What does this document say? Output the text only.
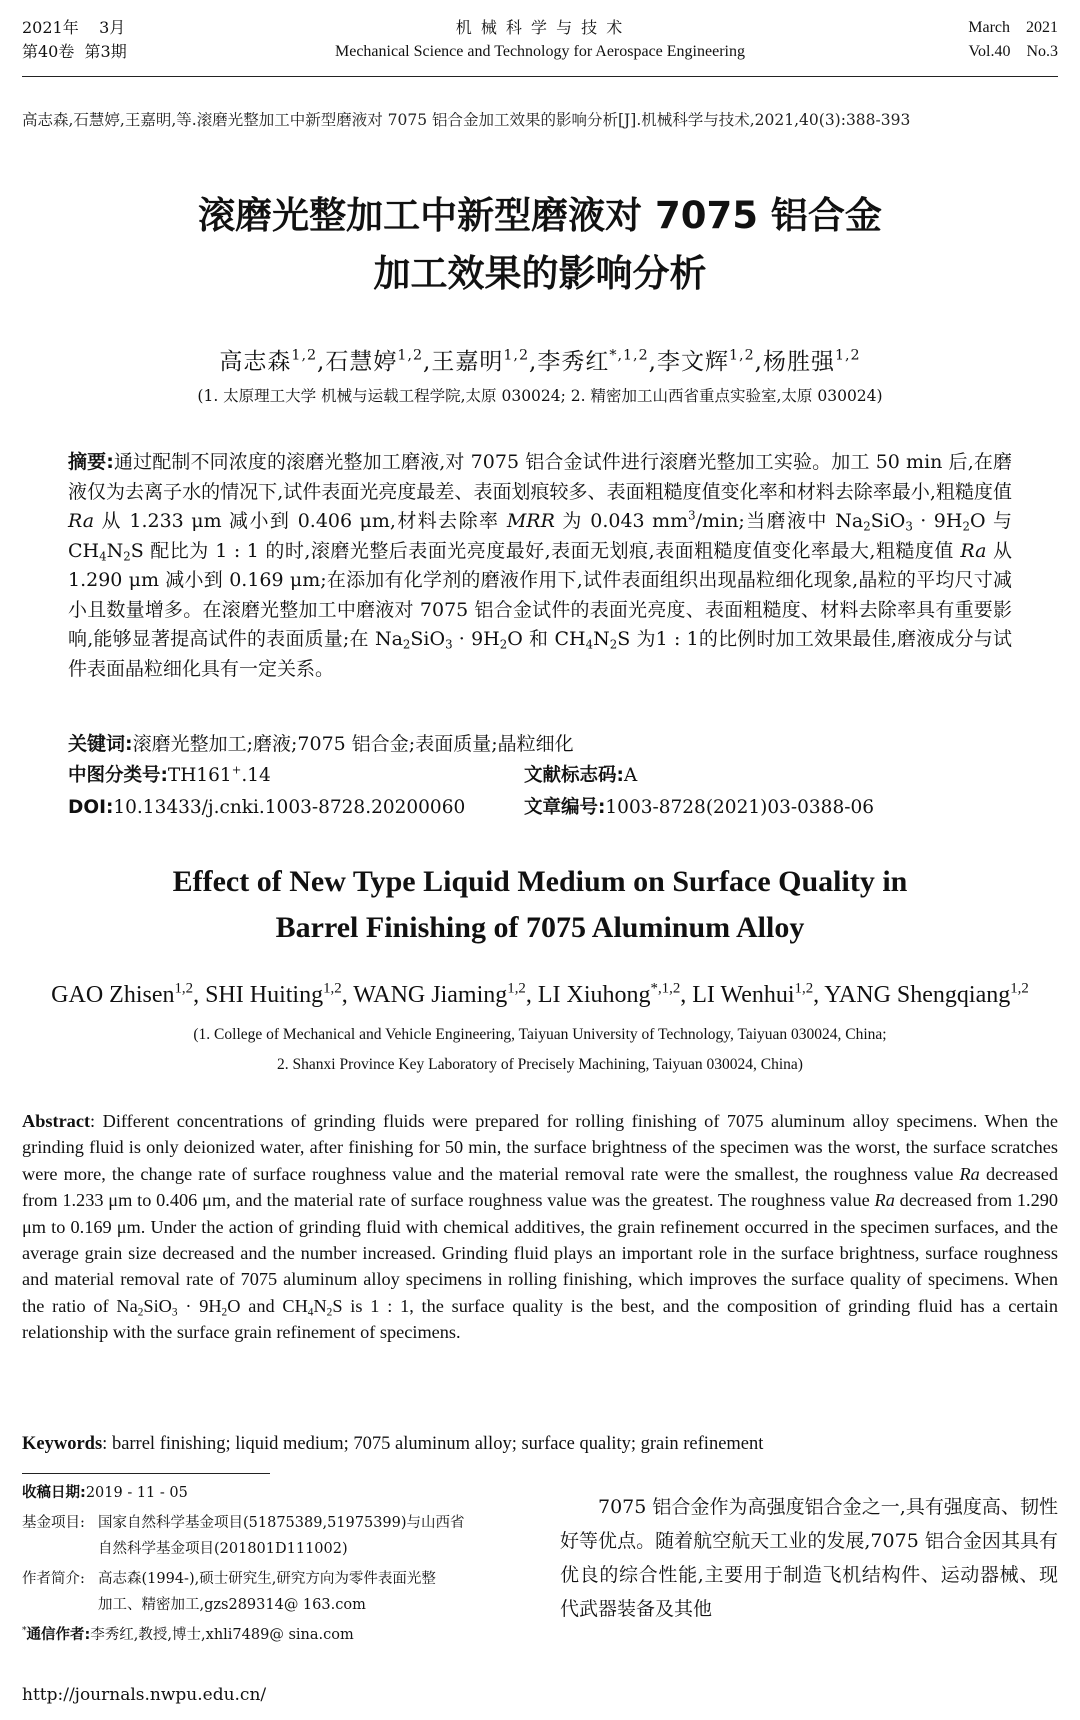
2021年    3月
第40卷  第3期
机 械 科 学 与 技 术
Mechanical Science and Technology for Aerospace Engineering
March    2021
Vol.40    No.3
高志森,石慧婷,王嘉明,等.滚磨光整加工中新型磨液对 7075 铝合金加工效果的影响分析[J].机械科学与技术,2021,40(3):388-393
滚磨光整加工中新型磨液对 7075 铝合金
加工效果的影响分析
高志森$^{1,2}$,石慧婷$^{1,2}$,王嘉明$^{1,2}$,李秀红$^{*,1,2}$,李文辉$^{1,2}$,杨胜强$^{1,2}$
(1. 太原理工大学 机械与运载工程学院,太原 030024; 2. 精密加工山西省重点实验室,太原 030024)
摘要:通过配制不同浓度的滚磨光整加工磨液,对 7075 铝合金试件进行滚磨光整加工实验。加工 50 min 后,在磨液仅为去离子水的情况下,试件表面光亮度最差、表面划痕较多、表面粗糙度值变化率和材料去除率最小,粗糙度值 Ra 从 1.233 μm 减小到 0.406 μm,材料去除率 MRR 为 0.043 $mm^3/\min$;当磨液中 $Na_2SiO_3 \cdot 9H_2O$ 与 $CH_4N_2S$ 配比为 1 : 1 的时,滚磨光整后表面光亮度最好,表面无划痕,表面粗糙度值变化率最大,粗糙度值 Ra 从 1.290 μm 减小到 0.169 μm;在添加有化学剂的磨液作用下,试件表面组织出现晶粒细化现象,晶粒的平均尺寸减小且数量增多。在滚磨光整加工中磨液对 7075 铝合金试件的表面光亮度、表面粗糙度、材料去除率具有重要影响,能够显著提高试件的表面质量;在 $Na_2SiO_3 \cdot 9H_2O$ 和 $CH_4N_2S$ 为1 : 1的比例时加工效果最佳,磨液成分与试件表面晶粒细化具有一定关系。
关键词:滚磨光整加工;磨液;7075 铝合金;表面质量;晶粒细化
中图分类号:TH161+.14	文献标志码:A
DOI:10.13433/j.cnki.1003-8728.20200060	文章编号:1003-8728(2021)03-0388-06
Effect of New Type Liquid Medium on Surface Quality in
Barrel Finishing of 7075 Aluminum Alloy
GAO Zhisen$^{1,2}$, SHI Huiting$^{1,2}$, WANG Jiaming$^{1,2}$, LI Xiuhong$^{*,1,2}$, LI Wenhui$^{1,2}$, YANG Shengqiang$^{1,2}$
(1. College of Mechanical and Vehicle Engineering, Taiyuan University of Technology, Taiyuan 030024, China;
2. Shanxi Province Key Laboratory of Precisely Machining, Taiyuan 030024, China)
Abstract: Different concentrations of grinding fluids were prepared for rolling finishing of 7075 aluminum alloy specimens. When the grinding fluid is only deionized water, after finishing for 50 min, the surface brightness of the specimen was the worst, the surface scratches were more, the change rate of surface roughness value and the material removal rate were the smallest, the roughness value Ra decreased from 1.233 μm to 0.406 μm, and the material rate of surface roughness value was the greatest. The roughness value Ra decreased from 1.290 μm to 0.169 μm. Under the action of grinding fluid with chemical additives, the grain refinement occurred in the specimen surfaces, and the average grain size decreased and the number increased. Grinding fluid plays an important role in the surface brightness, surface roughness and material removal rate of 7075 aluminum alloy specimens in rolling finishing, which improves the surface quality of specimens. When the ratio of $Na_2SiO_3 \cdot 9H_2O$ and $CH_4N_2S$ is 1 : 1, the surface quality is the best, and the composition of grinding fluid has a certain relationship with the surface grain refinement of specimens.
Keywords: barrel finishing; liquid medium; 7075 aluminum alloy; surface quality; grain refinement
收稿日期:2019 - 11 - 05
基金项目: 国家自然科学基金项目(51875389,51975399)与山西省
自然科学基金项目(201801D111002)
作者简介: 高志森(1994-),硕士研究生,研究方向为零件表面光整
加工、精密加工,gzs289314@ 163.com
*通信作者:李秀红,教授,博士,xhli7489@ sina.com
7075 铝合金作为高强度铝合金之一,具有强度高、韧性好等优点。随着航空航天工业的发展,7075 铝合金因其具有优良的综合性能,主要用于制造飞机结构件、运动器械、现代武器装备及其他
http://journals.nwpu.edu.cn/
